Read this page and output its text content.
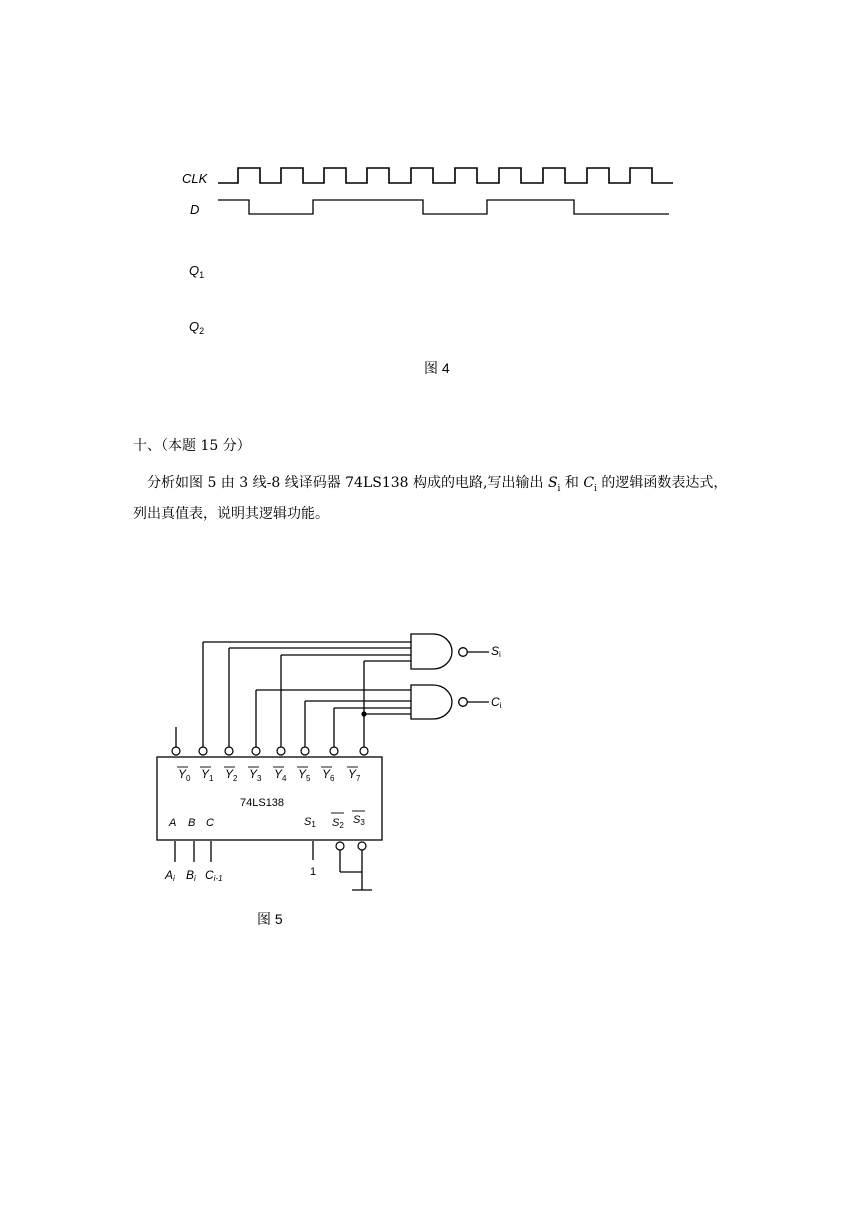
CLK
D
$Q_1$
$Q_2$
图 4
十、（本题 15 分）
分析如图 5 由 3 线-8 线译码器 74LS138 构成的电路,写出输出 $S_i$ 和 $C_i$ 的逻辑函数表达式，
列出真值表，说明其逻辑功能。
$Y_0$ $Y_1$ $Y_2$ $Y_3$ $Y_4$ $Y_5$ $Y_6$ $Y_7$
74LS138
A B C	S1 S2 S3
Ai Bi Ci-1
1
Si
Ci
图 5
